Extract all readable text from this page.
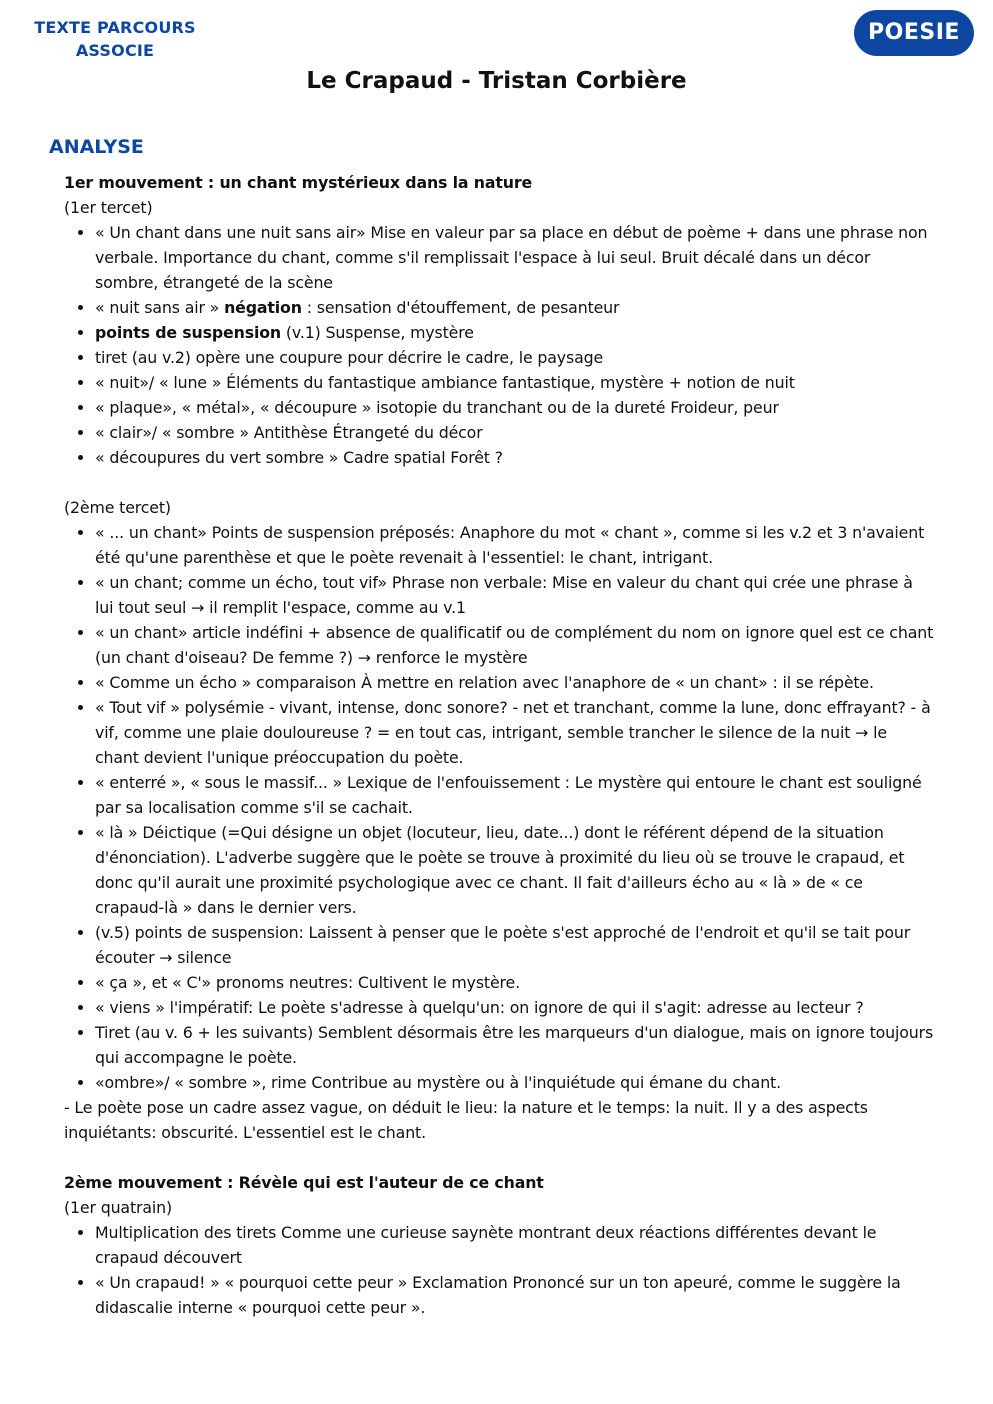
TEXTE PARCOURS
ASSOCIE
POESIE
Le Crapaud - Tristan Corbière
ANALYSE

1er mouvement : un chant mystérieux dans la nature

(1er tercet)

• « Un chant dans une nuit sans air» Mise en valeur par sa place en début de poème + dans une phrase non verbale. Importance du chant, comme s'il remplissait l'espace à lui seul. Bruit décalé dans un décor sombre, étrangeté de la scène
• « nuit sans air » négation : sensation d'étouffement, de pesanteur
• points de suspension (v.1) Suspense, mystère
• tiret (au v.2) opère une coupure pour décrire le cadre, le paysage
• « nuit»/ « lune » Éléments du fantastique ambiance fantastique, mystère + notion de nuit
• « plaque», « métal», « découpure » isotopie du tranchant ou de la dureté Froideur, peur
• « clair»/ « sombre » Antithèse Étrangeté du décor
• « découpures du vert sombre » Cadre spatial Forêt ?

(2ème tercet)

• « ... un chant» Points de suspension préposés: Anaphore du mot « chant », comme si les v.2 et 3 n'avaient été qu'une parenthèse et que le poète revenait à l'essentiel: le chant, intrigant.
• « un chant; comme un écho, tout vif» Phrase non verbale: Mise en valeur du chant qui crée une phrase à lui tout seul → il remplit l'espace, comme au v.1
• « un chant» article indéfini + absence de qualificatif ou de complément du nom on ignore quel est ce chant (un chant d'oiseau? De femme ?) → renforce le mystère
• « Comme un écho » comparaison À mettre en relation avec l'anaphore de « un chant» : il se répète.
• « Tout vif » polysémie - vivant, intense, donc sonore? - net et tranchant, comme la lune, donc effrayant? - à vif, comme une plaie douloureuse ? = en tout cas, intrigant, semble trancher le silence de la nuit → le chant devient l'unique préoccupation du poète.
• « enterré », « sous le massif... » Lexique de l'enfouissement : Le mystère qui entoure le chant est souligné par sa localisation comme s'il se cachait.
• « là » Déictique (=Qui désigne un objet (locuteur, lieu, date...) dont le référent dépend de la situation d'énonciation). L'adverbe suggère que le poète se trouve à proximité du lieu où se trouve le crapaud, et donc qu'il aurait une proximité psychologique avec ce chant. Il fait d'ailleurs écho au « là » de « ce crapaud-là » dans le dernier vers.
• (v.5) points de suspension: Laissent à penser que le poète s'est approché de l'endroit et qu'il se tait pour écouter → silence
• « ça », et « C'» pronoms neutres: Cultivent le mystère.
• « viens » l'impératif: Le poète s'adresse à quelqu'un: on ignore de qui il s'agit: adresse au lecteur ?
• Tiret (au v. 6 + les suivants) Semblent désormais être les marqueurs d'un dialogue, mais on ignore toujours qui accompagne le poète.
• «ombre»/ « sombre », rime Contribue au mystère ou à l'inquiétude qui émane du chant.

- Le poète pose un cadre assez vague, on déduit le lieu: la nature et le temps: la nuit. Il y a des aspects inquiétants: obscurité. L'essentiel est le chant.

2ème mouvement : Révèle qui est l'auteur de ce chant

(1er quatrain)

• Multiplication des tirets Comme une curieuse saynète montrant deux réactions différentes devant le crapaud découvert
• « Un crapaud! » « pourquoi cette peur » Exclamation Prononcé sur un ton apeuré, comme le suggère la didascalie interne « pourquoi cette peur ».
